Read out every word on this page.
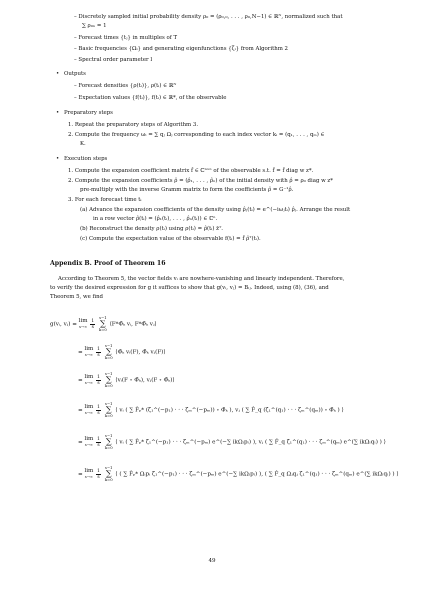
– Discretely sampled initial probability density ρ₀ = (ρ₀,₀, . . . , ρ₀,N−1) ∈ ℝᴺ, normalized such that
∑ ρ₀ₙ = 1
– Forecast times {tⱼ} in multiples of T
– Basic frequencies {Ωᵢ} and generating eigenfunctions {ζᵢ} from Algorithm 2
– Spectral order parameter l
• Outputs
– Forecast densities {ρ(tᵢ)}, ρ(tᵢ) ∈ ℝᴺ
– Expectation values {f(tᵢ)}, f(tᵢ) ∈ ℝ*, of the observable
• Preparatory steps
1. Repeat the preparatory steps of Algorithm 3.
2. Compute the frequency ωᵢ = ∑ qⱼ Ωⱼ corresponding to each index vector kᵢ = (q₁, . . . , qₘ) ∈
K.
• Execution steps
1. Compute the expansion coefficient matrix f̂ ∈ ℂⁿˣⁿ of the observable s.t. f̂ = f̂ diag w z*.
2. Compute the expansion coefficients ρ̂ = (ρ̂₁, . . . , ρ̂ₙ) of the initial density with ρ̂ = ρ₀ diag w z*
pre-multiply with the inverse Gramm matrix to form the coefficients ρ̂ = G⁻¹ρ̂.
3. For each forecast time tᵢ
(a) Advance the expansion coefficients of the density using ρ̂ⱼ(tᵢ) = e^(−iωⱼtᵢ) ρ̂ⱼ. Arrange the result
in a row vector ρ̂(tᵢ) = (ρ̂₁(tᵢ), . . . , ρ̂ₙ(tᵢ)) ∈ ℂⁿ.
(b) Reconstruct the density ρ(tᵢ) using ρ(tᵢ) = ρ̂(tᵢ) z̄ᵀ.
(c) Compute the expectation value of the observable f(tᵢ) = f̂ ρ̂ᵀ(tᵢ).
Appendix B. Proof of Theorem 16
According to Theorem 5, the vector fields vᵢ are nowhere-vanishing and linearly independent. Therefore,
to verify the desired expression for g it suffices to show that g(vᵢ, vⱼ) = Bᵢⱼ. Indeed, using (8), (36), and
Theorem 5, we find
g(vᵢ, vⱼ) = lim
s→∞
$\frac{1}{s}$
s−1
∑
k=0 ⟨F*Φ̂ₖ vᵢ, F*Φ̂ₖ vⱼ⟩
= lim
s→∞
$\frac{1}{s}$
s−1
∑
k=0 ⟨Φ̂ₖ vᵢ(F), Φ̂ₖ vⱼ(F)⟩
= lim
s→∞
$\frac{1}{s}$
s−1
∑
k=0 ⟨vᵢ(F ∘ Φ̂ₖ), vⱼ(F ∘ Φ̂ₖ)⟩
= lim
s→∞
$\frac{1}{s}$
s−1
∑
k=0 ⟨ vᵢ ( ∑ F̂ₚ* (ζ₁^(−p₁) · · · ζₘ^(−pₘ)) ∘ Φ̂ₖ ), vⱼ ( ∑ F̂_q (ζ₁^(q₁) · · · ζₘ^(qₘ)) ∘ Φ̂ₖ ) ⟩
= lim
s→∞
$\frac{1}{s}$
s−1
∑
k=0 ⟨ vᵢ ( ∑ F̂ₚ* ζ₁^(−p₁) · · · ζₘ^(−pₘ) e^(−∑ ikΩₗpₗ) ), vⱼ ( ∑ F̂_q ζ₁^(q₁) · · · ζₘ^(qₘ) e^(∑ ikΩₗqₗ) ) ⟩
= lim
s→∞
$\frac{1}{s}$
s−1
∑
k=0 ⟨ ( ∑ F̂ₚ* Ωᵢpᵢ ζ₁^(−p₁) · · · ζₘ^(−pₘ) e^(−∑ ikΩₗpₗ) ), ( ∑ F̂_q Ωⱼqⱼ ζ₁^(q₁) · · · ζₘ^(qₘ) e^(∑ ikΩₗqₗ) ) ⟩
49
